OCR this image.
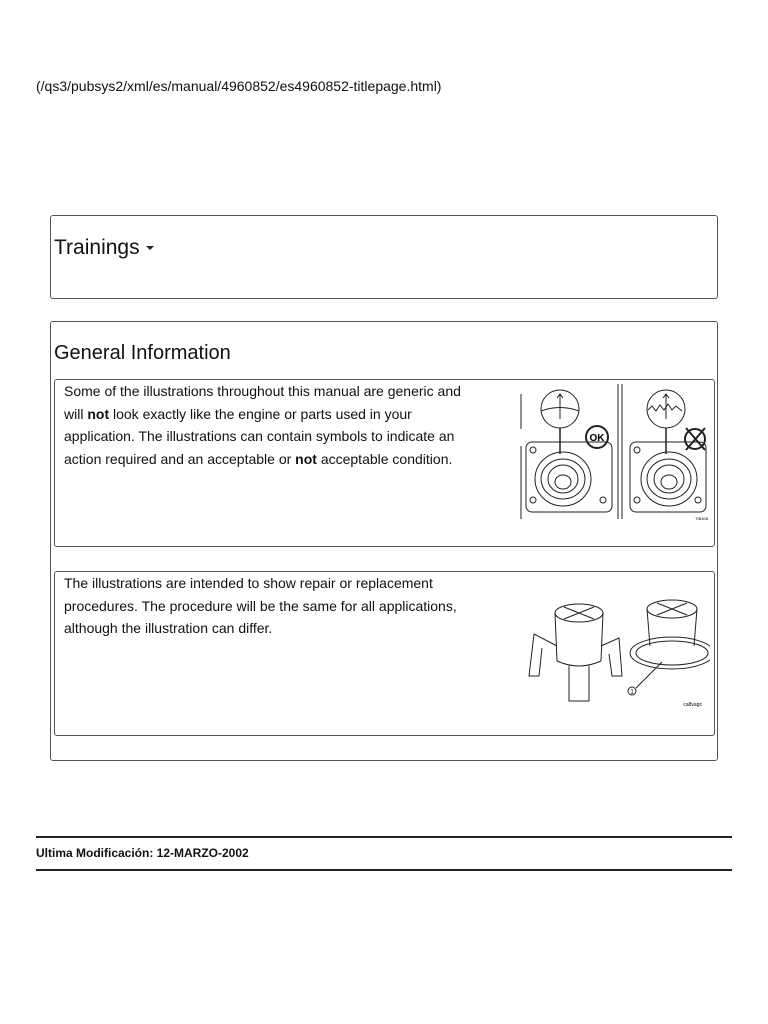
(/qs3/pubsys2/xml/es/manual/4960852/es4960852-titlepage.html)
Trainings
General Information
Some of the illustrations throughout this manual are generic and will not look exactly like the engine or parts used in your application. The illustrations can contain symbols to indicate an action required and an acceptable or not acceptable condition.
OK
TIB408
The illustrations are intended to show repair or replacement procedures. The procedure will be the same for all applications, although the illustration can differ.
1
ca8vagc
Ultima Modificación: 12-MARZO-2002
